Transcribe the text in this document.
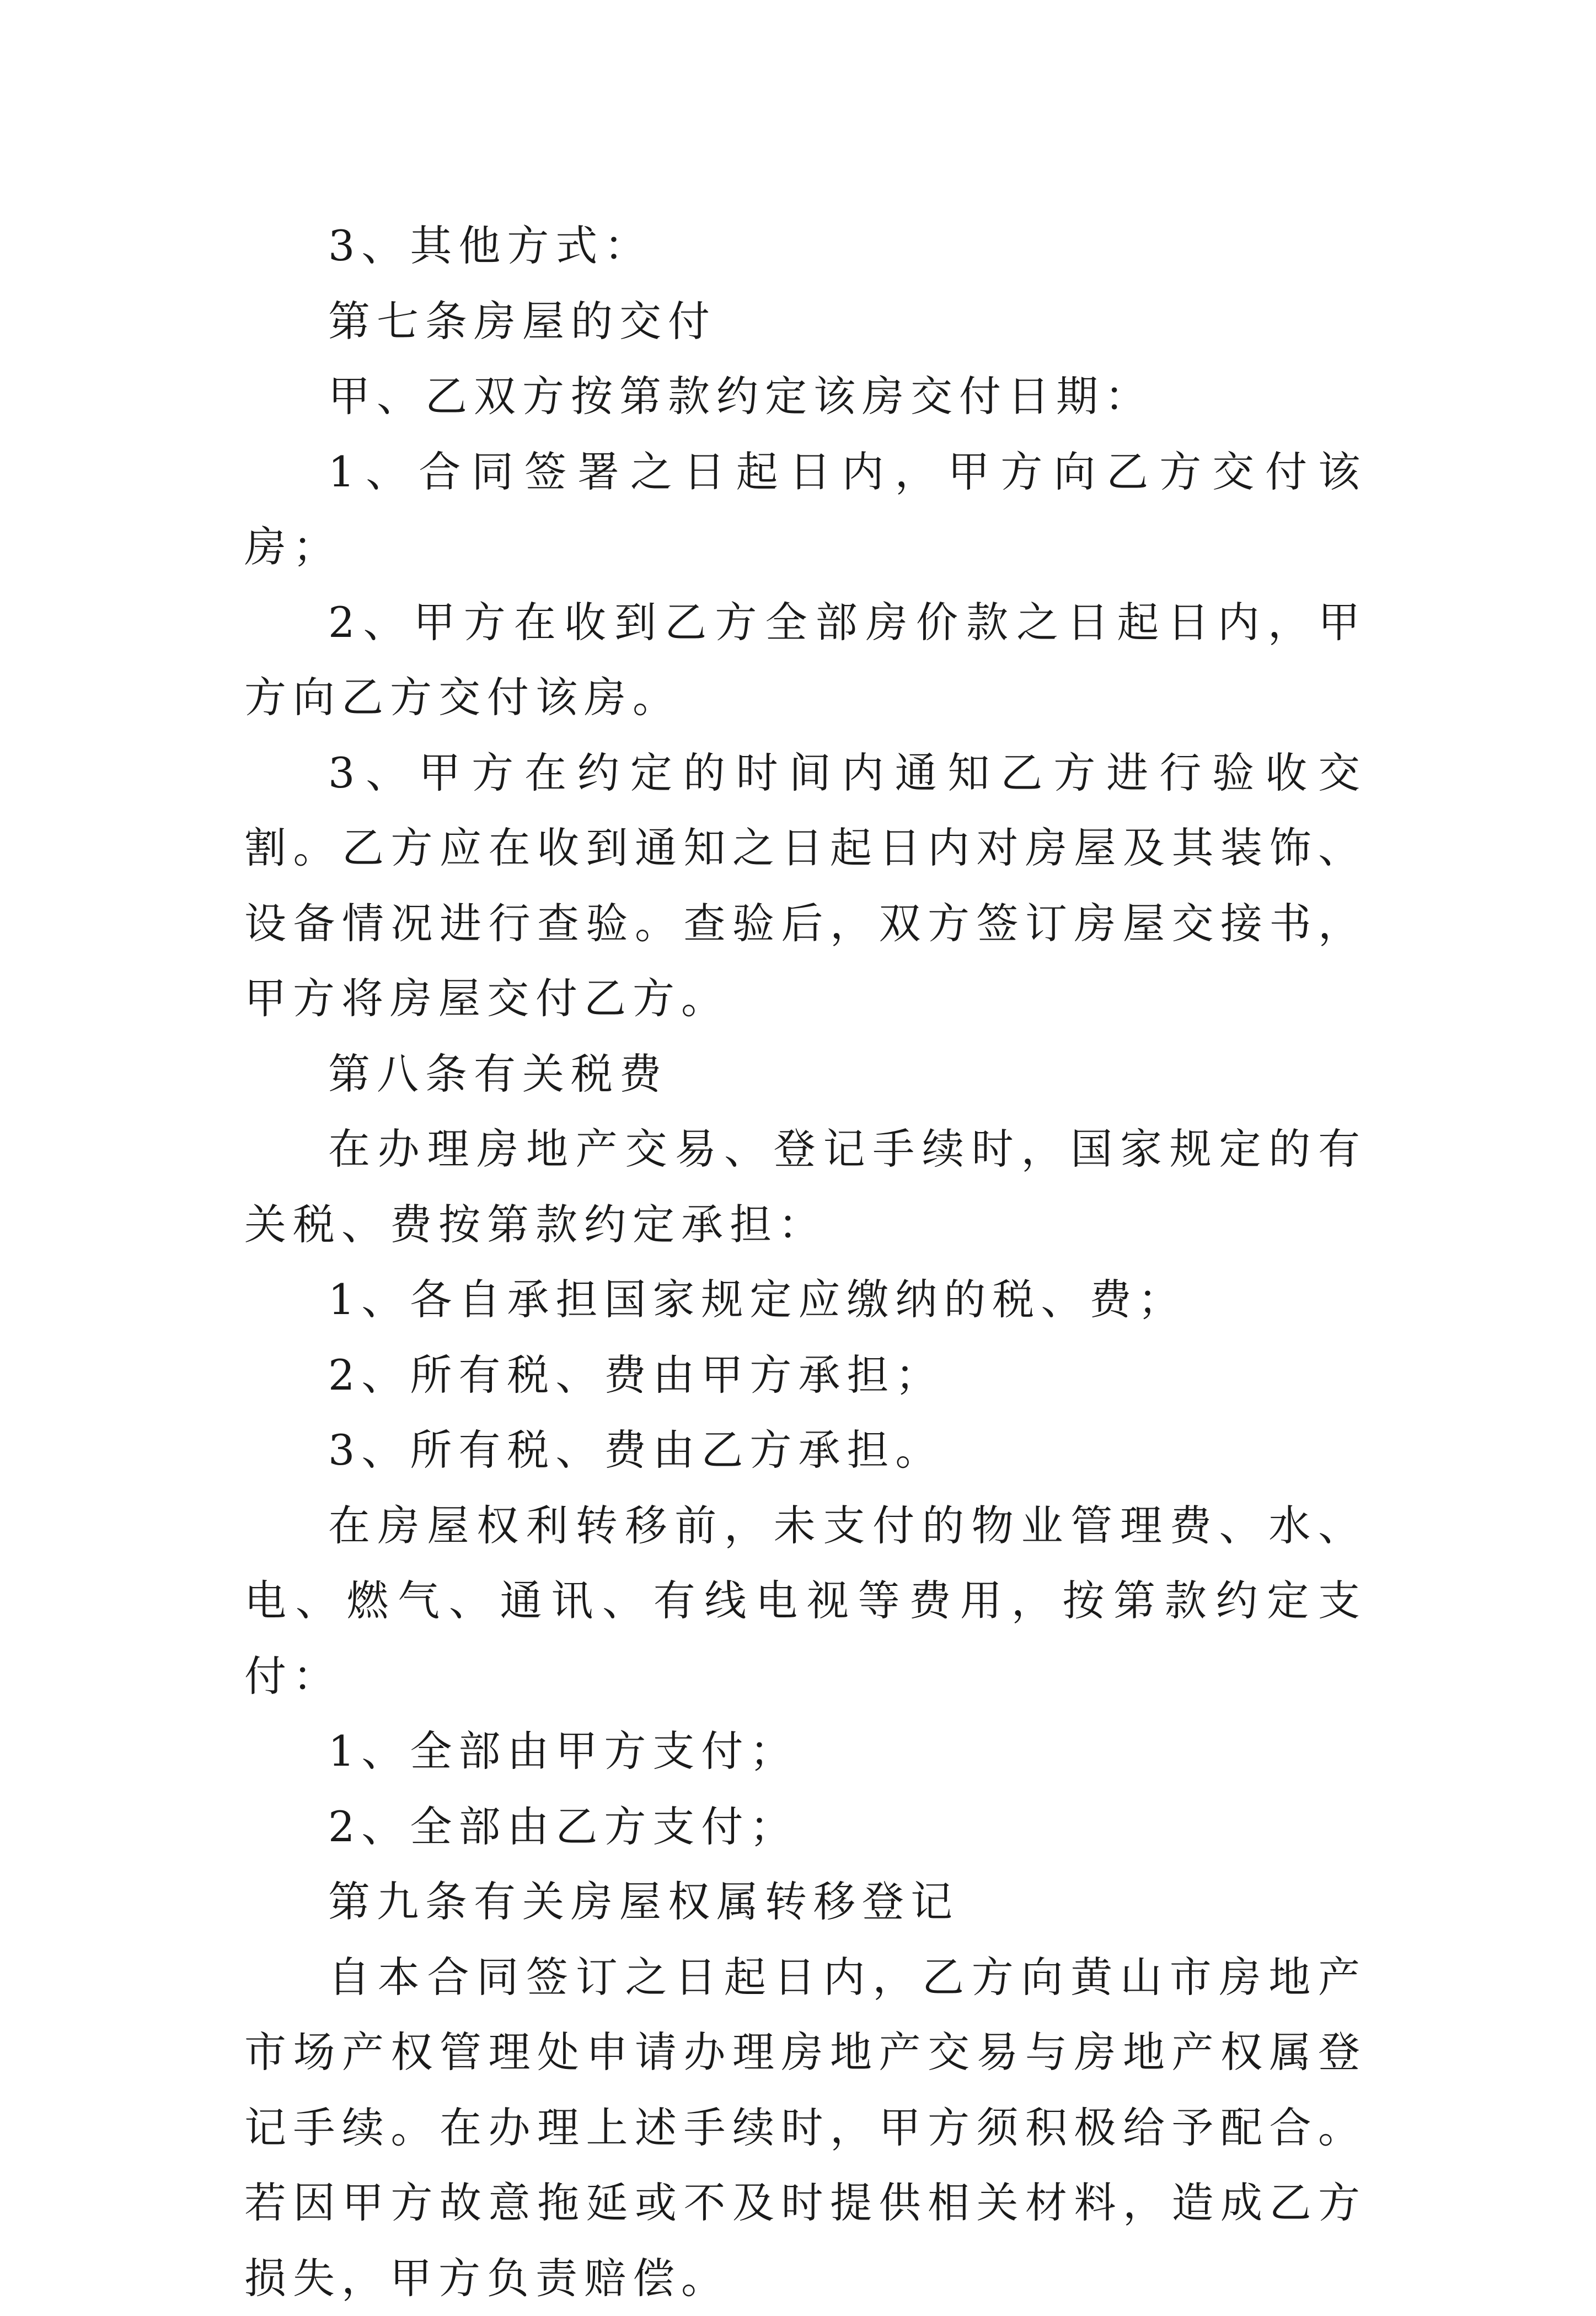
3、其他方式：

第七条房屋的交付

甲、乙双方按第款约定该房交付日期：

1、合同签署之日起日内，甲方向乙方交付该房；

2、甲方在收到乙方全部房价款之日起日内，甲方向乙方交付该房。

3、甲方在约定的时间内通知乙方进行验收交割。乙方应在收到通知之日起日内对房屋及其装饰、设备情况进行查验。查验后，双方签订房屋交接书，甲方将房屋交付乙方。

第八条有关税费

在办理房地产交易、登记手续时，国家规定的有关税、费按第款约定承担：

1、各自承担国家规定应缴纳的税、费；

2、所有税、费由甲方承担；

3、所有税、费由乙方承担。

在房屋权利转移前，未支付的物业管理费、水、电、燃气、通讯、有线电视等费用，按第款约定支付：

1、全部由甲方支付；

2、全部由乙方支付；

第九条有关房屋权属转移登记

自本合同签订之日起日内，乙方向黄山市房地产市场产权管理处申请办理房地产交易与房地产权属登记手续。在办理上述手续时，甲方须积极给予配合。若因甲方故意拖延或不及时提供相关材料，造成乙方损失，甲方负责赔偿。
